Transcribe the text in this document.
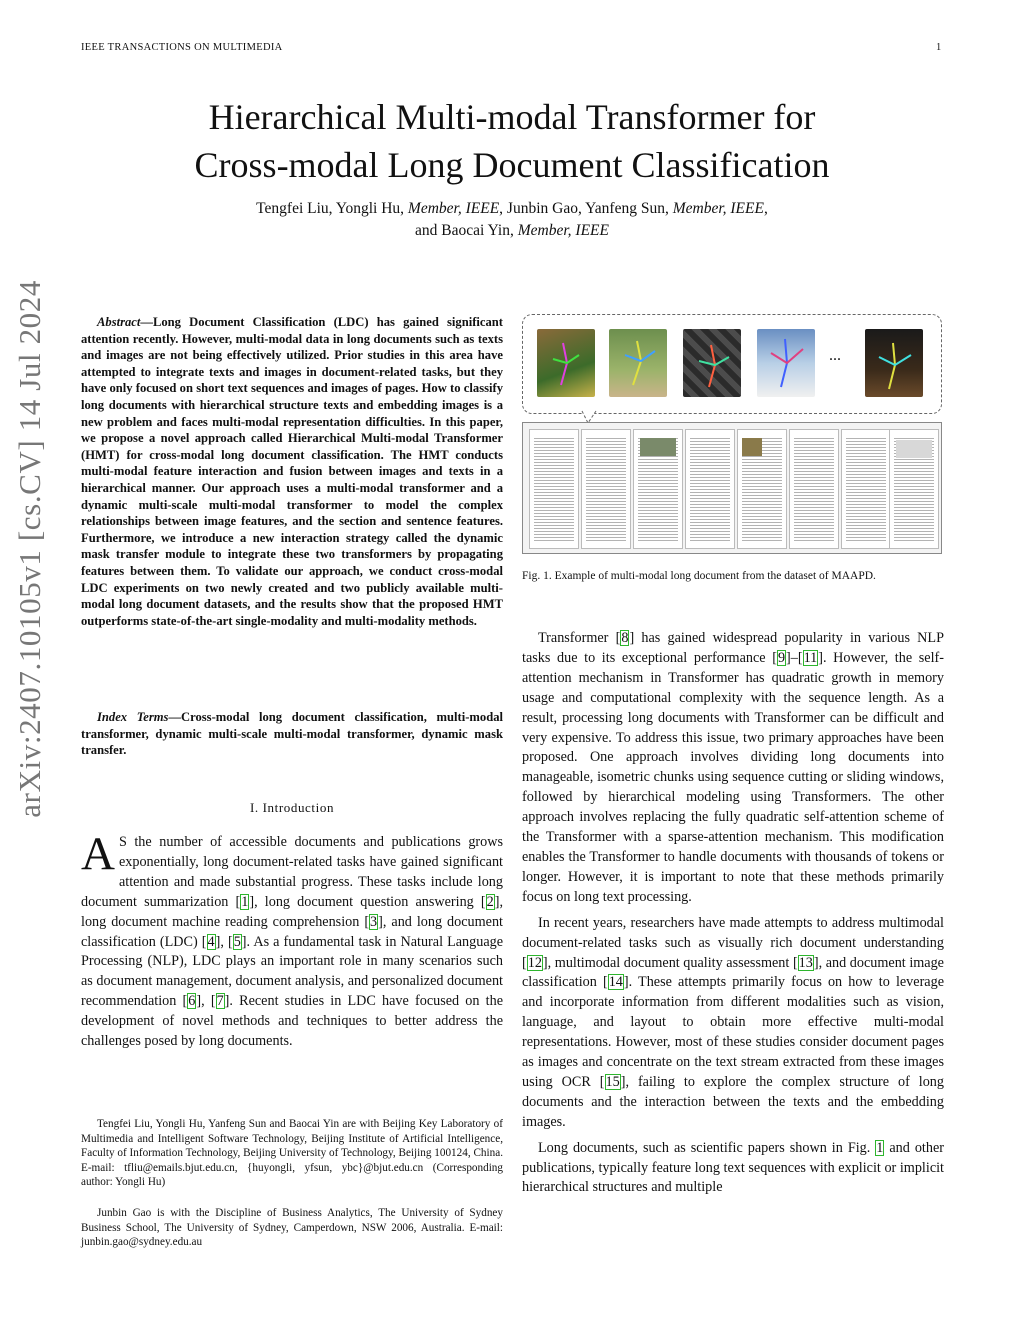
IEEE TRANSACTIONS ON MULTIMEDIA	1
arXiv:2407.10105v1 [cs.CV] 14 Jul 2024
Hierarchical Multi-modal Transformer for
Cross-modal Long Document Classification
Tengfei Liu, Yongli Hu, Member, IEEE, Junbin Gao, Yanfeng Sun, Member, IEEE,
and Baocai Yin, Member, IEEE
Abstract—Long Document Classification (LDC) has gained significant attention recently. However, multi-modal data in long documents such as texts and images are not being effectively utilized. Prior studies in this area have attempted to integrate texts and images in document-related tasks, but they have only focused on short text sequences and images of pages. How to classify long documents with hierarchical structure texts and embedding images is a new problem and faces multi-modal representation difficulties. In this paper, we propose a novel approach called Hierarchical Multi-modal Transformer (HMT) for cross-modal long document classification. The HMT conducts multi-modal feature interaction and fusion between images and texts in a hierarchical manner. Our approach uses a multi-modal transformer and a dynamic multi-scale multi-modal transformer to model the complex relationships between image features, and the section and sentence features. Furthermore, we introduce a new interaction strategy called the dynamic mask transfer module to integrate these two transformers by propagating features between them. To validate our approach, we conduct cross-modal LDC experiments on two newly created and two publicly available multi-modal long document datasets, and the results show that the proposed HMT outperforms state-of-the-art single-modality and multi-modality methods.
Index Terms—Cross-modal long document classification, multi-modal transformer, dynamic multi-scale multi-modal transformer, dynamic mask transfer.
I. Introduction
A S the number of accessible documents and publications grows exponentially, long document-related tasks have gained significant attention and made substantial progress. These tasks include long document summarization [1], long document question answering [2], long document machine reading comprehension [3], and long document classification (LDC) [4], [5]. As a fundamental task in Natural Language Processing (NLP), LDC plays an important role in many scenarios such as document management, document analysis, and personalized document recommendation [6], [7]. Recent studies in LDC have focused on the development of novel methods and techniques to better address the challenges posed by long documents.
Tengfei Liu, Yongli Hu, Yanfeng Sun and Baocai Yin are with Beijing Key Laboratory of Multimedia and Intelligent Software Technology, Beijing Institute of Artificial Intelligence, Faculty of Information Technology, Beijing University of Technology, Beijing 100124, China. E-mail: tfliu@emails.bjut.edu.cn, {huyongli, yfsun, ybc}@bjut.edu.cn (Corresponding author: Yongli Hu)
Junbin Gao is with the Discipline of Business Analytics, The University of Sydney Business School, The University of Sydney, Camperdown, NSW 2006, Australia. E-mail: junbin.gao@sydney.edu.au
...
Fig. 1. Example of multi-modal long document from the dataset of MAAPD.

Transformer [8] has gained widespread popularity in various NLP tasks due to its exceptional performance [9]–[11]. However, the self-attention mechanism in Transformer has quadratic growth in memory usage and computational complexity with the sequence length. As a result, processing long documents with Transformer can be difficult and very expensive. To address this issue, two primary approaches have been proposed. One approach involves dividing long documents into manageable, isometric chunks using sequence cutting or sliding windows, followed by hierarchical modeling using Transformers. The other approach involves replacing the fully quadratic self-attention scheme of the Transformer with a sparse-attention mechanism. This modification enables the Transformer to handle documents with thousands of tokens or longer. However, it is important to note that these methods primarily focus on long text processing.

In recent years, researchers have made attempts to address multimodal document-related tasks such as visually rich document understanding [12], multimodal document quality assessment [13], and document image classification [14]. These attempts primarily focus on how to leverage and incorporate information from different modalities such as vision, language, and layout to obtain more effective multi-modal representations. However, most of these studies consider document pages as images and concentrate on the text stream extracted from these images using OCR [15], failing to explore the complex structure of long documents and the interaction between the texts and the embedding images.

Long documents, such as scientific papers shown in Fig. 1 and other publications, typically feature long text sequences with explicit or implicit hierarchical structures and multiple
